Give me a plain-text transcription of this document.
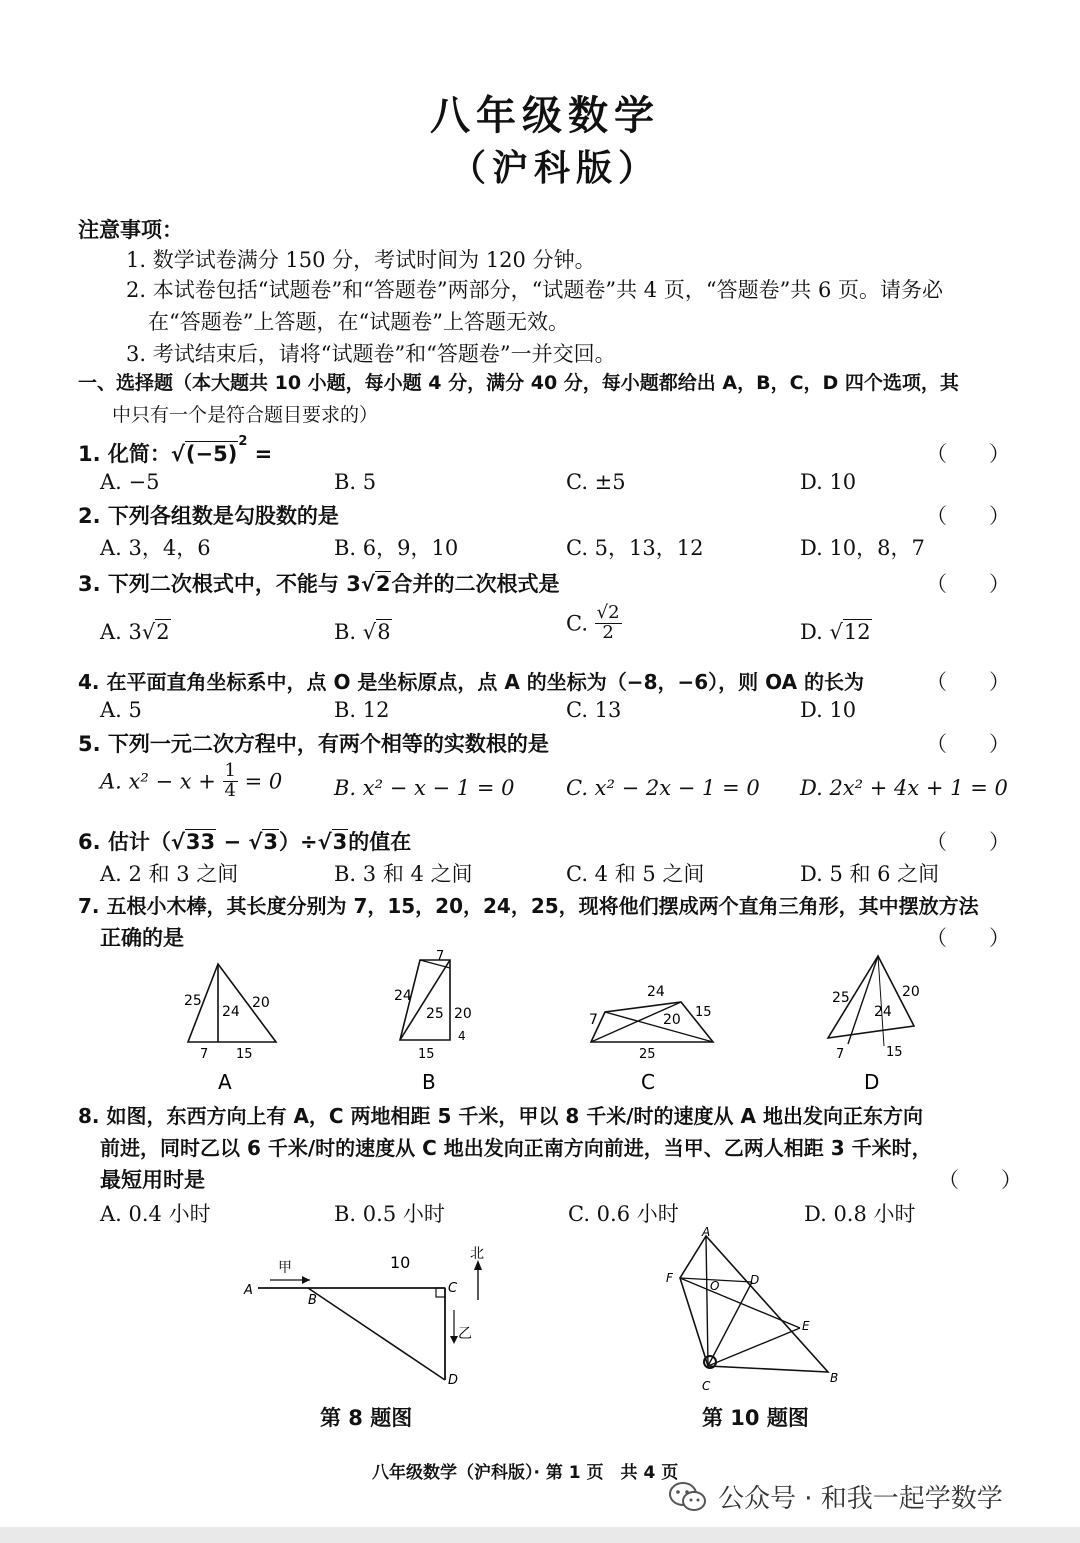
八年级数学
（沪科版）
注意事项：
1. 数学试卷满分 150 分，考试时间为 120 分钟。
2. 本试卷包括“试题卷”和“答题卷”两部分，“试题卷”共 4 页，“答题卷”共 6 页。请务必
在“答题卷”上答题，在“试题卷”上答题无效。
3. 考试结束后，请将“试题卷”和“答题卷”一并交回。
一、选择题（本大题共 10 小题，每小题 4 分，满分 40 分，每小题都给出 A，B，C，D 四个选项，其
中只有一个是符合题目要求的）
1. 化简：$√(-5)^2$ =	（　　）
A. −5	B. 5	C. ±5	D. 10
2. 下列各组数是勾股数的是	（　　）
A. 3，4，6	B. 6，9，10	C. 5，13，12	D. 10，8，7
3. 下列二次根式中，不能与 3√2合并的二次根式是	（　　）
A. 3√2	B. √8	C. $\frac{√2}{2}$	D. √12
4. 在平面直角坐标系中，点 O 是坐标原点，点 A 的坐标为（−8，−6），则 OA 的长为	（　　）
A. 5	B. 12	C. 13	D. 10
5. 下列一元二次方程中，有两个相等的实数根的是	（　　）
A. $x^2 - x + \frac{1}{4} = 0$ B. x² − x − 1 = 0 C. x² − 2x − 1 = 0 D. 2x² + 4x + 1 = 0
6. 估计（√33 − √3）÷√3的值在	（　　）
A. 2 和 3 之间	B. 3 和 4 之间	C. 4 和 5 之间	D. 5 和 6 之间
7. 五根小木棒，其长度分别为 7，15，20，24，25，现将他们摆成两个直角三角形，其中摆放方法
正确的是	（　　）
25
24
20
7 15
A
7
24
25 20
15
4
B
24
7	20 15
25
C
25	20
24
7	15
D
8. 如图，东西方向上有 A，C 两地相距 5 千米，甲以 8 千米/时的速度从 A 地出发向正东方向
前进，同时乙以 6 千米/时的速度从 C 地出发向正南方向前进，当甲、乙两人相距 3 千米时，
最短用时是	（　　）
A. 0.4 小时	B. 0.5 小时	C. 0.6 小时	D. 0.8 小时
A
B
C
D
甲
乙
10	北
第 8 题图
A
F
O	D
E
C
B
第 10 题图
八年级数学（沪科版）· 第 1 页　共 4 页
公众号 · 和我一起学数学
